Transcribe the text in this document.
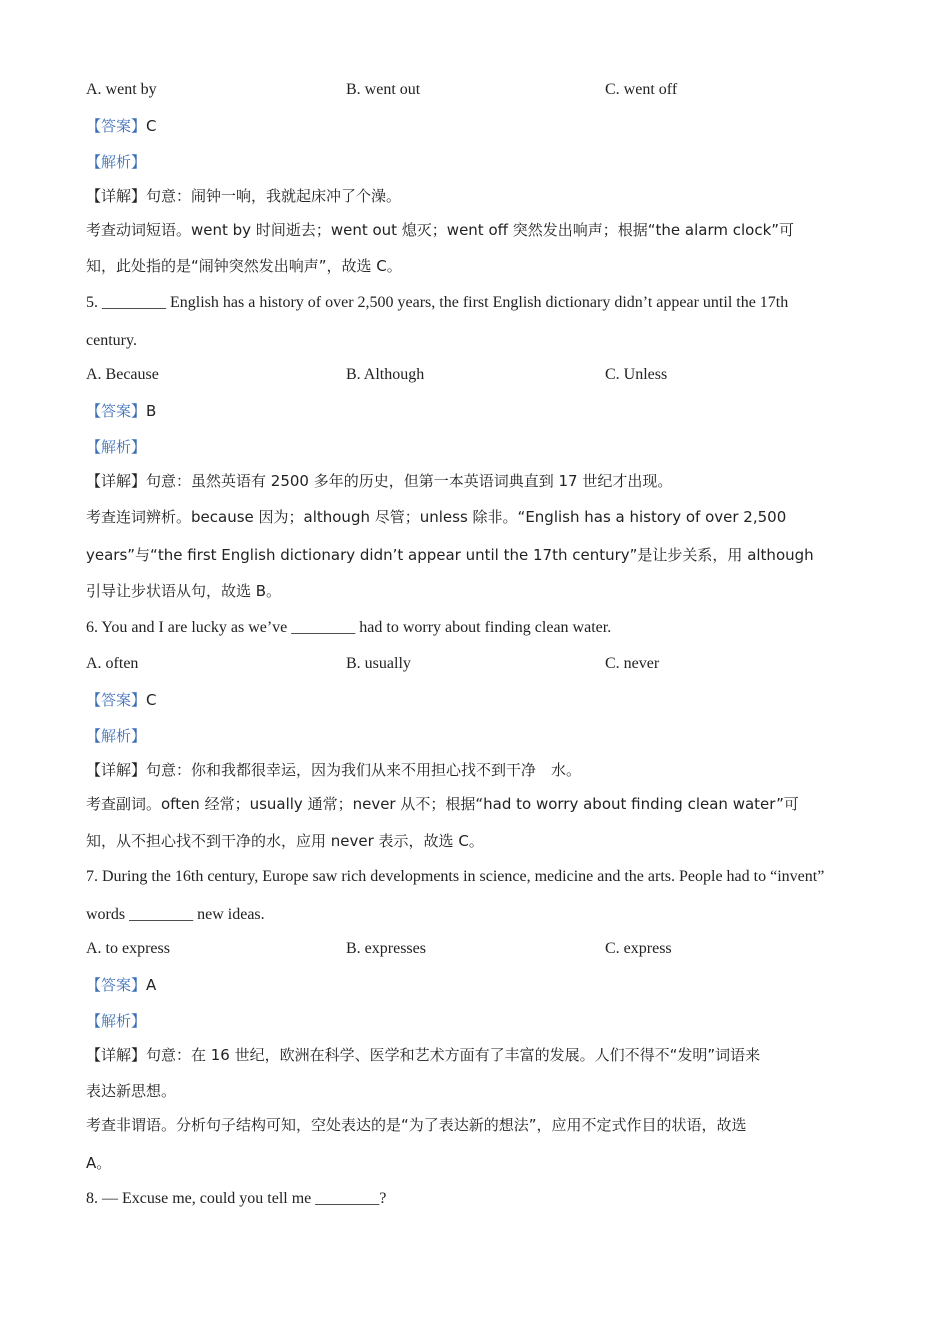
A. went by	B. went out	C. went off
【答案】C
【解析】
【详解】句意：闹钟一响，我就起床冲了个澡。
考查动词短语。went by 时间逝去；went out 熄灭；went off 突然发出响声；根据“the alarm clock”可
知，此处指的是“闹钟突然发出响声”，故选 C。
5. ________ English has a history of over 2,500 years, the first English dictionary didn’t appear until the 17th
century.
A. Because	B. Although	C. Unless
【答案】B
【解析】
【详解】句意：虽然英语有 2500 多年的历史，但第一本英语词典直到 17 世纪才出现。
考查连词辨析。because 因为；although 尽管；unless 除非。“English has a history of over 2,500
years”与“the first English dictionary didn’t appear until the 17th century”是让步关系，用 although
引导让步状语从句，故选 B。
6. You and I are lucky as we’ve ________ had to worry about finding clean water.
A. often	B. usually	C. never
【答案】C
【解析】
【详解】句意：你和我都很幸运，因为我们从来不用担心找不到干净　水。
考查副词。often 经常；usually 通常；never 从不；根据“had to worry about finding clean water”可
知，从不担心找不到干净的水，应用 never 表示，故选 C。
7. During the 16th century, Europe saw rich developments in science, medicine and the arts. People had to “invent”
words ________ new ideas.
A. to express	B. expresses	C. express
【答案】A
【解析】
【详解】句意：在 16 世纪，欧洲在科学、医学和艺术方面有了丰富的发展。人们不得不“发明”词语来
表达新思想。
考查非谓语。分析句子结构可知，空处表达的是“为了表达新的想法”，应用不定式作目的状语，故选
A。
8. — Excuse me, could you tell me ________?
